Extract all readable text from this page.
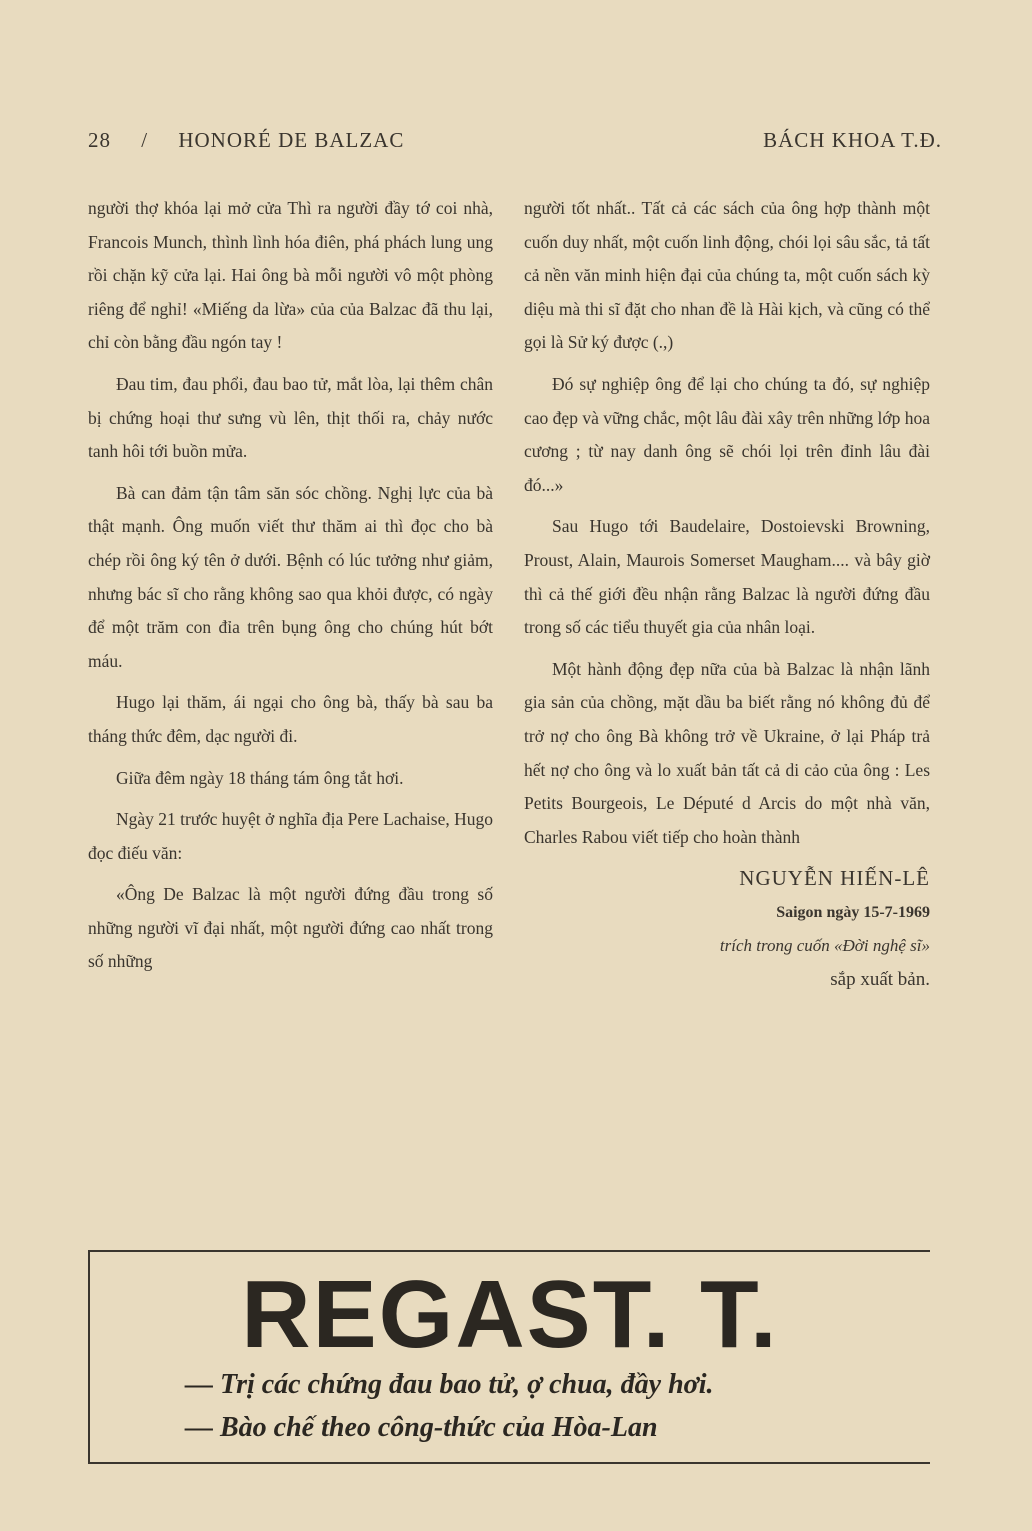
28 / HONORÉ DE BALZAC	BÁCH KHOA T.Đ.

người thợ khóa lại mở cửa Thì ra người đầy tớ coi nhà, Francois Munch, thình lình hóa điên, phá phách lung ung rồi chặn kỹ cửa lại. Hai ông bà mỗi người vô một phòng riêng để nghỉ! «Miếng da lừa» của của Balzac đã thu lại, chỉ còn bằng đầu ngón tay !

Đau tim, đau phổi, đau bao tử, mắt lòa, lại thêm chân bị chứng hoại thư sưng vù lên, thịt thối ra, chảy nước tanh hôi tới buồn mửa.

Bà can đảm tận tâm săn sóc chồng. Nghị lực của bà thật mạnh. Ông muốn viết thư thăm ai thì đọc cho bà chép rồi ông ký tên ở dưới. Bệnh có lúc tưởng như giảm, nhưng bác sĩ cho rằng không sao qua khỏi được, có ngày để một trăm con đỉa trên bụng ông cho chúng hút bớt máu.

Hugo lại thăm, ái ngại cho ông bà, thấy bà sau ba tháng thức đêm, dạc người đi.

Giữa đêm ngày 18 tháng tám ông tắt hơi.

Ngày 21 trước huyệt ở nghĩa địa Pere Lachaise, Hugo đọc điếu văn:

«Ông De Balzac là một người đứng đầu trong số những người vĩ đại nhất, một người đứng cao nhất trong số những

người tốt nhất.. Tất cả các sách của ông hợp thành một cuốn duy nhất, một cuốn linh động, chói lọi sâu sắc, tả tất cả nền văn minh hiện đại của chúng ta, một cuốn sách kỳ diệu mà thi sĩ đặt cho nhan đề là Hài kịch, và cũng có thể gọi là Sử ký được (.,)

Đó sự nghiệp ông để lại cho chúng ta đó, sự nghiệp cao đẹp và vững chắc, một lâu đài xây trên những lớp hoa cương ; từ nay danh ông sẽ chói lọi trên đỉnh lâu đài đó...»

Sau Hugo tới Baudelaire, Dostoievski Browning, Proust, Alain, Maurois Somerset Maugham.... và bây giờ thì cả thế giới đều nhận rằng Balzac là người đứng đầu trong số các tiểu thuyết gia của nhân loại.

Một hành động đẹp nữa của bà Balzac là nhận lãnh gia sản của chồng, mặt dầu ba biết rằng nó không đủ để trở nợ cho ông Bà không trở về Ukraine, ở lại Pháp trả hết nợ cho ông và lo xuất bản tất cả di cảo của ông : Les Petits Bourgeois, Le Député d Arcis do một nhà văn, Charles Rabou viết tiếp cho hoàn thành

NGUYỄN HIẾN-LÊ
Saigon ngày 15-7-1969
trích trong cuốn «Đời nghệ sĩ»
sắp xuất bản.
REGAST. T.
— Trị các chứng đau bao tử, ợ chua, đầy hơi.
— Bào chế theo công-thức của Hòa-Lan
